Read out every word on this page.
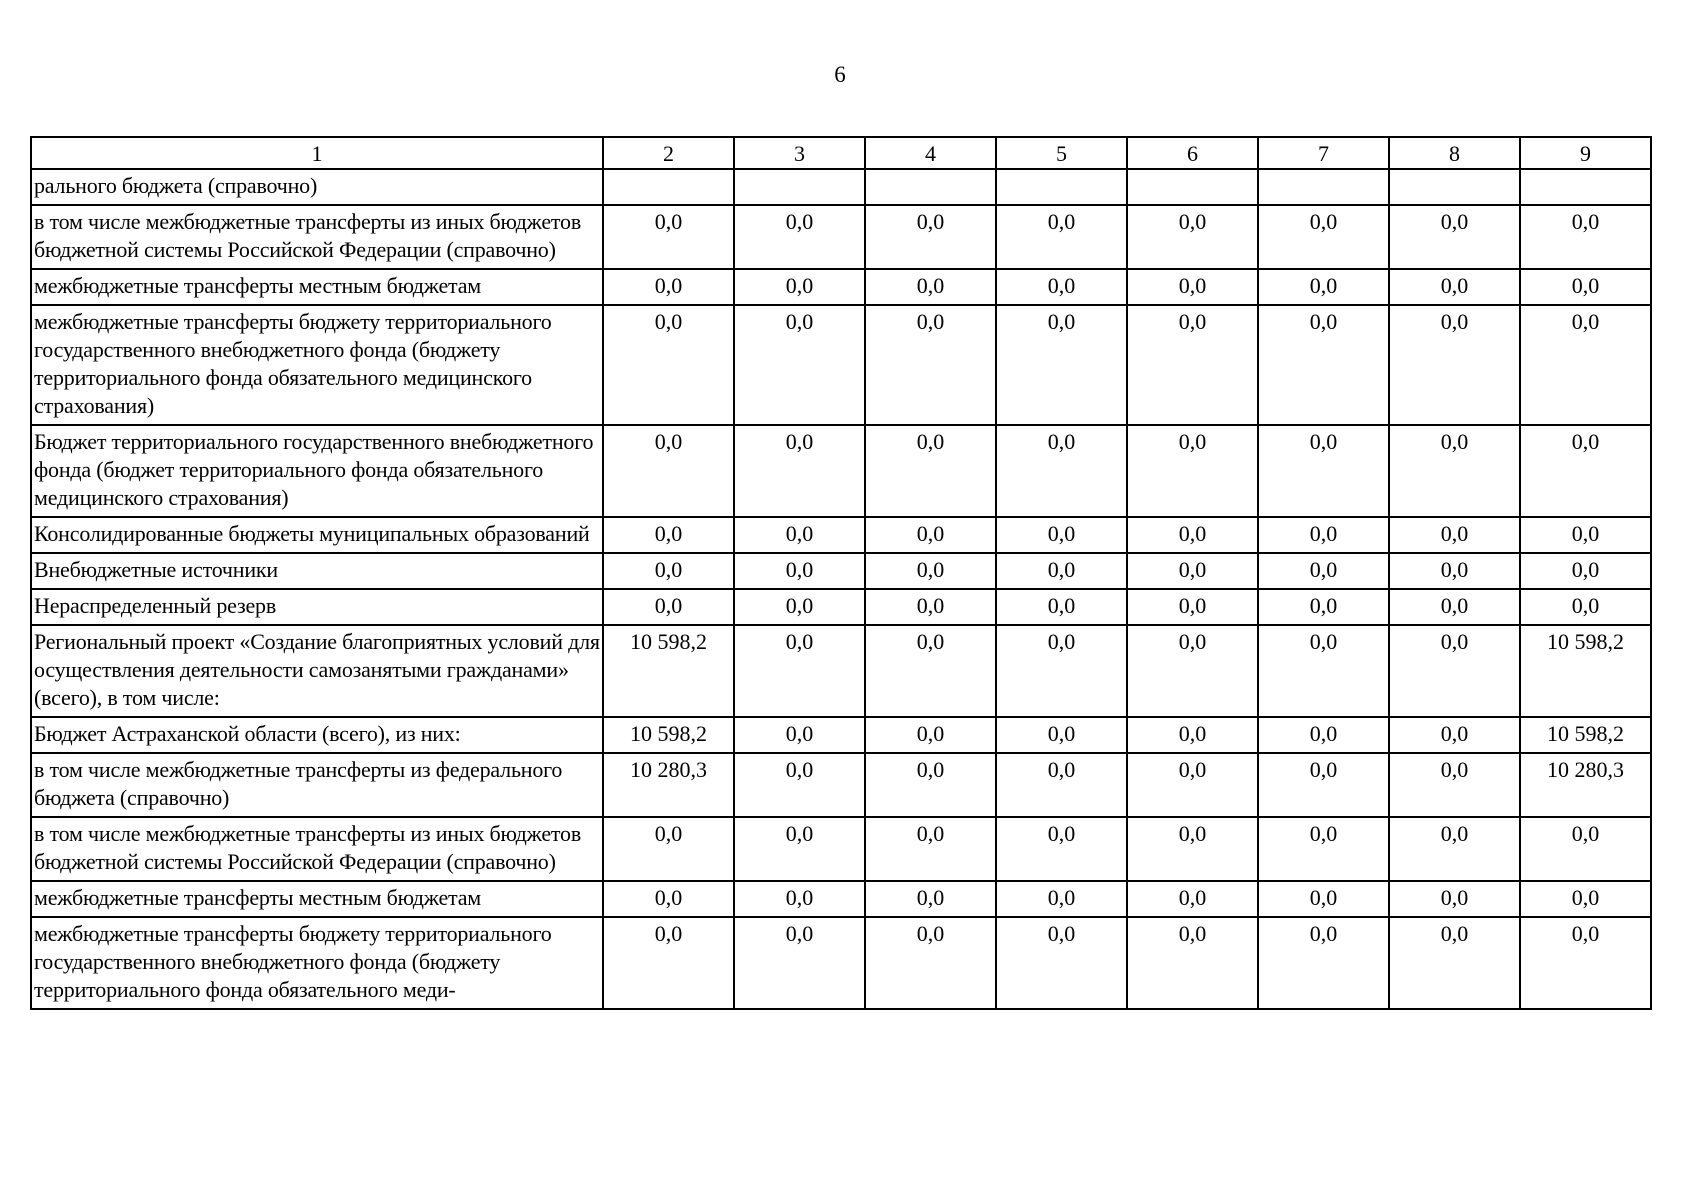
6
1	2	3	4	5	6	7	8	9
рального бюджета (справочно)								
в том числе межбюджетные трансферты из иных бюджетов бюджетной системы Российской Федерации (справочно)	0,0	0,0	0,0	0,0	0,0	0,0	0,0	0,0
межбюджетные трансферты местным бюджетам	0,0	0,0	0,0	0,0	0,0	0,0	0,0	0,0
межбюджетные трансферты бюджету территориального государственного внебюджетного фонда (бюджету территориального фонда обязательного медицинского страхования)	0,0	0,0	0,0	0,0	0,0	0,0	0,0	0,0
Бюджет территориального государственного внебюджетного фонда (бюджет территориального фонда обязательного медицинского страхования)	0,0	0,0	0,0	0,0	0,0	0,0	0,0	0,0
Консолидированные бюджеты муниципальных образований	0,0	0,0	0,0	0,0	0,0	0,0	0,0	0,0
Внебюджетные источники	0,0	0,0	0,0	0,0	0,0	0,0	0,0	0,0
Нераспределенный резерв	0,0	0,0	0,0	0,0	0,0	0,0	0,0	0,0
Региональный проект «Создание благоприятных условий для осуществления деятельности самозанятыми гражданами» (всего), в том числе:	10 598,2	0,0	0,0	0,0	0,0	0,0	0,0	10 598,2
Бюджет Астраханской области (всего), из них:	10 598,2	0,0	0,0	0,0	0,0	0,0	0,0	10 598,2
в том числе межбюджетные трансферты из федерального бюджета (справочно)	10 280,3	0,0	0,0	0,0	0,0	0,0	0,0	10 280,3
в том числе межбюджетные трансферты из иных бюджетов бюджетной системы Российской Федерации (справочно)	0,0	0,0	0,0	0,0	0,0	0,0	0,0	0,0
межбюджетные трансферты местным бюджетам	0,0	0,0	0,0	0,0	0,0	0,0	0,0	0,0
межбюджетные трансферты бюджету территориального государственного внебюджетного фонда (бюджету территориального фонда обязательного меди-	0,0	0,0	0,0	0,0	0,0	0,0	0,0	0,0
